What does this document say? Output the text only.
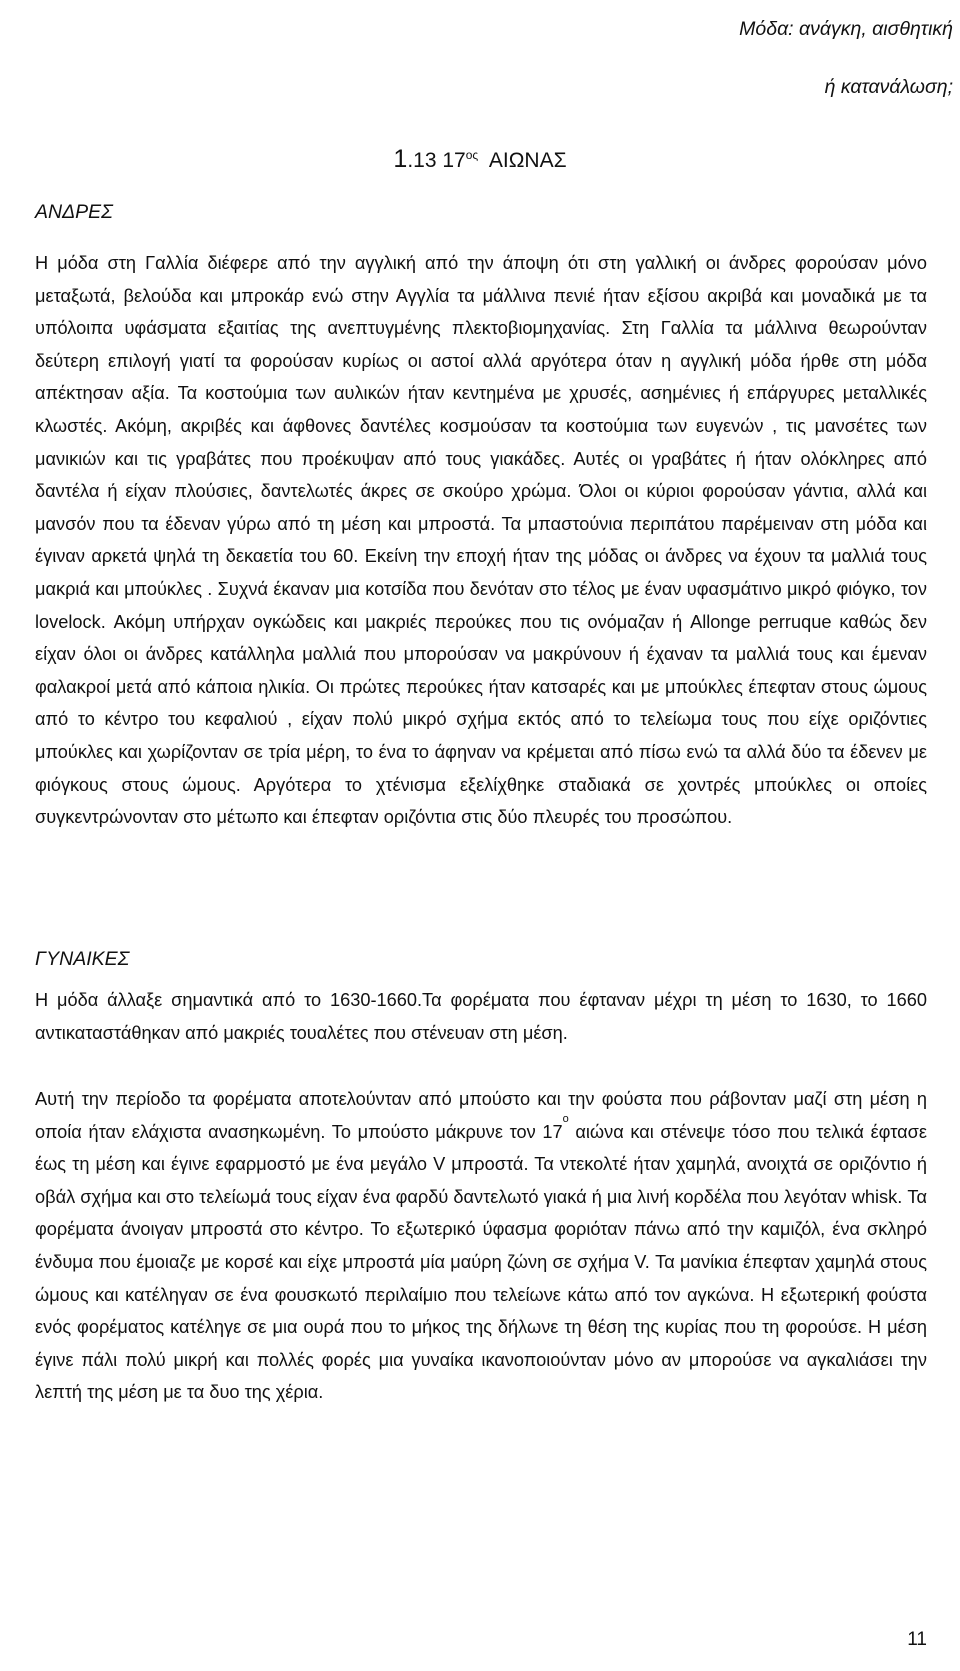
Μόδα: ανάγκη, αισθητική
ή κατανάλωση;
1.13 $17^{o\varsigma}$ ΑΙΩΝΑΣ
ΑΝΔΡΕΣ

Η μόδα στη Γαλλία διέφερε από την αγγλική από την άποψη ότι στη γαλλική οι άνδρες φορούσαν μόνο μεταξωτά, βελούδα και μπροκάρ ενώ στην Αγγλία τα μάλλινα πενιέ ήταν εξίσου ακριβά και μοναδικά με τα υπόλοιπα υφάσματα εξαιτίας της ανεπτυγμένης πλεκτοβιομηχανίας. Στη Γαλλία τα μάλλινα θεωρούνταν δεύτερη επιλογή γιατί τα φορούσαν κυρίως οι αστοί αλλά αργότερα όταν η αγγλική μόδα ήρθε στη μόδα απέκτησαν αξία. Τα κοστούμια των αυλικών ήταν κεντημένα με χρυσές, ασημένιες ή επάργυρες μεταλλικές κλωστές. Ακόμη, ακριβές και άφθονες δαντέλες κοσμούσαν τα κοστούμια των ευγενών , τις μανσέτες των μανικιών και τις γραβάτες που προέκυψαν από τους γιακάδες. Αυτές οι γραβάτες ή ήταν ολόκληρες από δαντέλα ή είχαν πλούσιες, δαντελωτές άκρες σε σκούρο χρώμα. Όλοι οι κύριοι φορούσαν γάντια, αλλά και μανσόν που τα έδεναν γύρω από τη μέση και μπροστά. Τα μπαστούνια περιπάτου παρέμειναν στη μόδα και έγιναν αρκετά ψηλά τη δεκαετία του 60. Εκείνη την εποχή ήταν της μόδας οι άνδρες να έχουν τα μαλλιά τους μακριά και μπούκλες . Συχνά έκαναν μια κοτσίδα που δενόταν στο τέλος με έναν υφασμάτινο μικρό φιόγκο, τον lovelock. Ακόμη υπήρχαν ογκώδεις και μακριές περούκες που τις ονόμαζαν ή Allonge perruque καθώς δεν είχαν όλοι οι άνδρες κατάλληλα μαλλιά που μπορούσαν να μακρύνουν ή έχαναν τα μαλλιά τους και έμεναν φαλακροί μετά από κάποια ηλικία. Οι πρώτες περούκες ήταν κατσαρές και με μπούκλες έπεφταν στους ώμους από το κέντρο του κεφαλιού , είχαν πολύ μικρό σχήμα εκτός από το τελείωμα τους που είχε οριζόντιες μπούκλες και χωρίζονταν σε τρία μέρη, το ένα το άφηναν να κρέμεται από πίσω ενώ τα αλλά δύο τα έδενεν με φιόγκους στους ώμους. Αργότερα το χτένισμα εξελίχθηκε σταδιακά σε χοντρές μπούκλες οι οποίες συγκεντρώνονταν στο μέτωπο και έπεφταν οριζόντια στις δύο πλευρές του προσώπου.

ΓΥΝΑΙΚΕΣ

Η μόδα άλλαξε σημαντικά από το 1630-1660.Τα φορέματα που έφταναν μέχρι τη μέση το 1630, το 1660 αντικαταστάθηκαν από μακριές τουαλέτες που στένευαν στη μέση.

Αυτή την περίοδο τα φορέματα αποτελούνταν από μπούστο και την φούστα που ράβονταν μαζί στη μέση η οποία ήταν ελάχιστα ανασηκωμένη. Το μπούστο μάκρυνε τον $17^o$ αιώνα και στένεψε τόσο που τελικά έφτασε έως τη μέση και έγινε εφαρμοστό με ένα μεγάλο V μπροστά. Τα ντεκολτέ ήταν χαμηλά, ανοιχτά σε οριζόντιο ή οβάλ σχήμα και στο τελείωμά τους είχαν ένα φαρδύ δαντελωτό γιακά ή μια λινή κορδέλα που λεγόταν whisk. Τα φορέματα άνοιγαν μπροστά στο κέντρο. Το εξωτερικό ύφασμα φοριόταν πάνω από την καμιζόλ, ένα σκληρό ένδυμα που έμοιαζε με κορσέ και είχε μπροστά μία μαύρη ζώνη σε σχήμα V. Τα μανίκια έπεφταν χαμηλά στους ώμους και κατέληγαν σε ένα φουσκωτό περιλαίμιο που τελείωνε κάτω από τον αγκώνα. Η εξωτερική φούστα ενός φορέματος κατέληγε σε μια ουρά που το μήκος της δήλωνε τη θέση της κυρίας που τη φορούσε. Η μέση έγινε πάλι πολύ μικρή και πολλές φορές μια γυναίκα ικανοποιούνταν μόνο αν μπορούσε να αγκαλιάσει την λεπτή της μέση με τα δυο της χέρια.

11
